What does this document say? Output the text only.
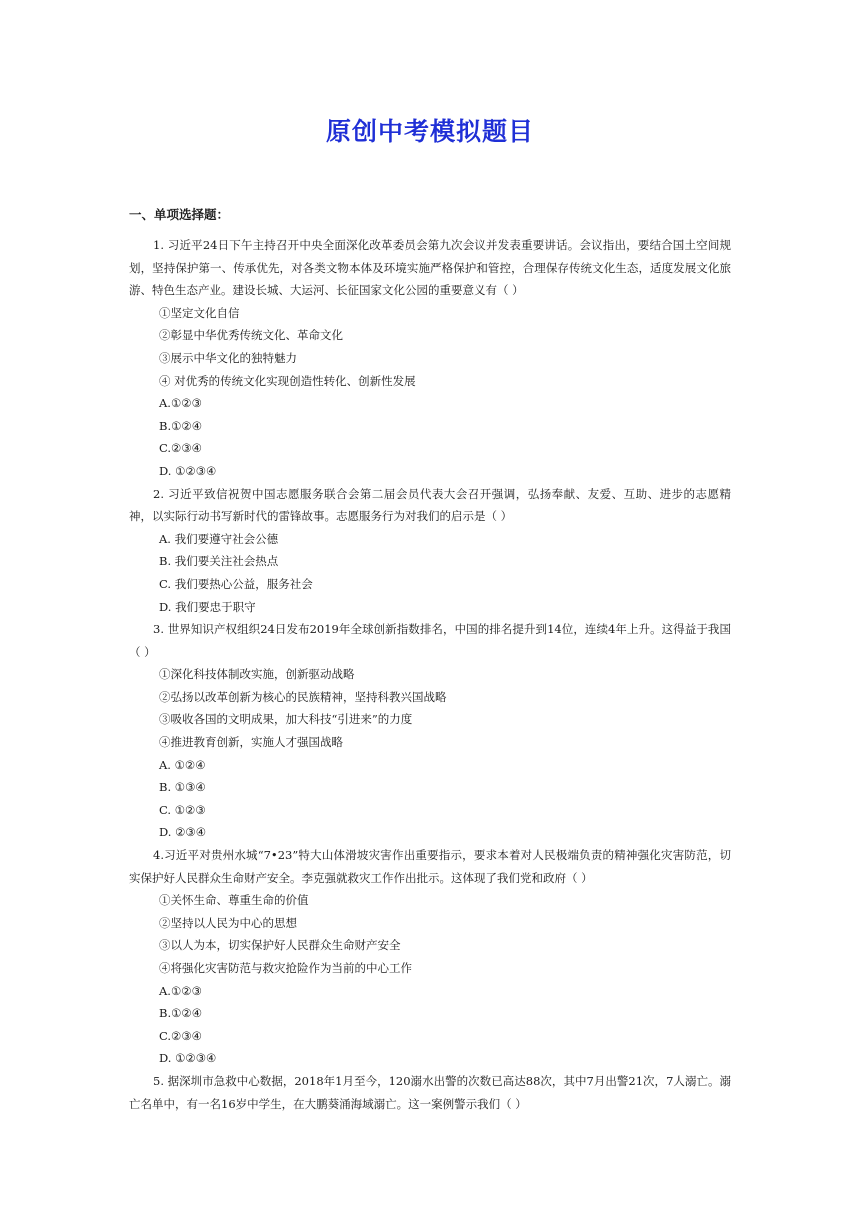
原创中考模拟题目
一、单项选择题：

1. 习近平24日下午主持召开中央全面深化改革委员会第九次会议并发表重要讲话。会议指出，要结合国土空间规划，坚持保护第一、传承优先，对各类文物本体及环境实施严格保护和管控，合理保存传统文化生态，适度发展文化旅游、特色生态产业。建设长城、大运河、长征国家文化公园的重要意义有（ ）

①坚定文化自信

②彰显中华优秀传统文化、革命文化

③展示中华文化的独特魅力

④ 对优秀的传统文化实现创造性转化、创新性发展

A.①②③

B.①②④

C.②③④

D. ①②③④

2. 习近平致信祝贺中国志愿服务联合会第二届会员代表大会召开强调，弘扬奉献、友爱、互助、进步的志愿精神，以实际行动书写新时代的雷锋故事。志愿服务行为对我们的启示是（ ）

A. 我们要遵守社会公德

B. 我们要关注社会热点

C. 我们要热心公益，服务社会

D. 我们要忠于职守

3. 世界知识产权组织24日发布2019年全球创新指数排名，中国的排名提升到14位，连续4年上升。这得益于我国 （ ）

①深化科技体制改实施，创新驱动战略

②弘扬以改革创新为核心的民族精神，坚持科教兴国战略

③吸收各国的文明成果，加大科技“引进来”的力度

④推进教育创新，实施人才强国战略

A. ①②④

B. ①③④

C. ①②③

D. ②③④

4.习近平对贵州水城“7•23”特大山体滑坡灾害作出重要指示，要求本着对人民极端负责的精神强化灾害防范，切实保护好人民群众生命财产安全。李克强就救灾工作作出批示。这体现了我们党和政府（ ）

①关怀生命、尊重生命的价值

②坚持以人民为中心的思想

③以人为本，切实保护好人民群众生命财产安全

④将强化灾害防范与救灾抢险作为当前的中心工作

A.①②③

B.①②④

C.②③④

D. ①②③④

5. 据深圳市急救中心数据，2018年1月至今，120溺水出警的次数已高达88次，其中7月出警21次，7人溺亡。溺亡名单中，有一名16岁中学生，在大鹏葵涌海域溺亡。这一案例警示我们（ ）
